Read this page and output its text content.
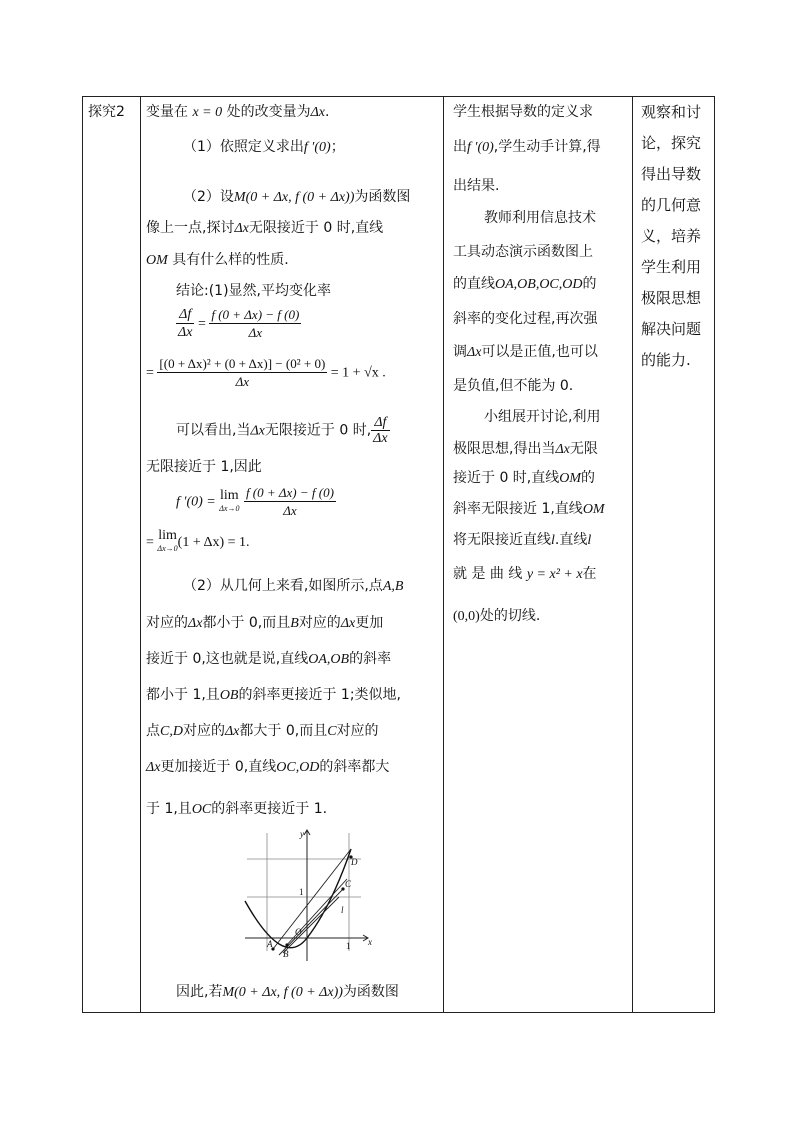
探究2	变量在 x = 0 处的改变量为Δx.
（1）依照定义求出f ′(0)；
（2）设M(0 + Δx, f (0 + Δx))为函数图
像上一点,探讨Δx无限接近于 0 时,直线
OM 具有什么样的性质.
结论:(1)显然,平均变化率
$\frac{\Delta f}{\Delta x} = \frac{f (0 + \Delta x) - f (0)}{\Delta x}$
= $\frac{\text{[(0 + Δx)² + (0 + Δx)] − (0² + 0)}}{\Delta x} = 1 + √x$ .
可以看出,当Δx无限接近于 0 时, $\frac{\Delta f}{\Delta x}$
无限接近于 1,因此
f ′(0) = lim
Δx→0
$\frac{f (0 + \Delta x) - f (0)}{\Delta x}$
= lim
Δx→0 (1 + Δx) = 1.
（2）从几何上来看,如图所示,点A,B
对应的Δx都小于 0,而且B对应的Δx更加
接近于 0,这也就是说,直线OA,OB的斜率
都小于 1,且OB的斜率更接近于 1;类似地,
点C,D对应的Δx都大于 0,而且C对应的
Δx更加接近于 0,直线OC,OD的斜率都大
于 1,且OC的斜率更接近于 1.
y
x
1
1
O
A
B
C
D
l
因此,若M(0 + Δx, f (0 + Δx))为函数图

学生根据导数的定义求
出f ′(0),学生动手计算,得
出结果.
教师利用信息技术
工具动态演示函数图上
的直线OA,OB,OC,OD的
斜率的变化过程,再次强
调Δx可以是正值,也可以
是负值,但不能为 0.
小组展开讨论,利用
极限思想,得出当Δx无限
接近于 0 时,直线OM的
斜率无限接近 1,直线OM
将无限接近直线l.直线l
就 是 曲 线 y = x² + x在
(0,0)处的切线.

观察和讨
论，探究
得出导数
的几何意
义，培养
学生利用
极限思想
解决问题
的能力.
